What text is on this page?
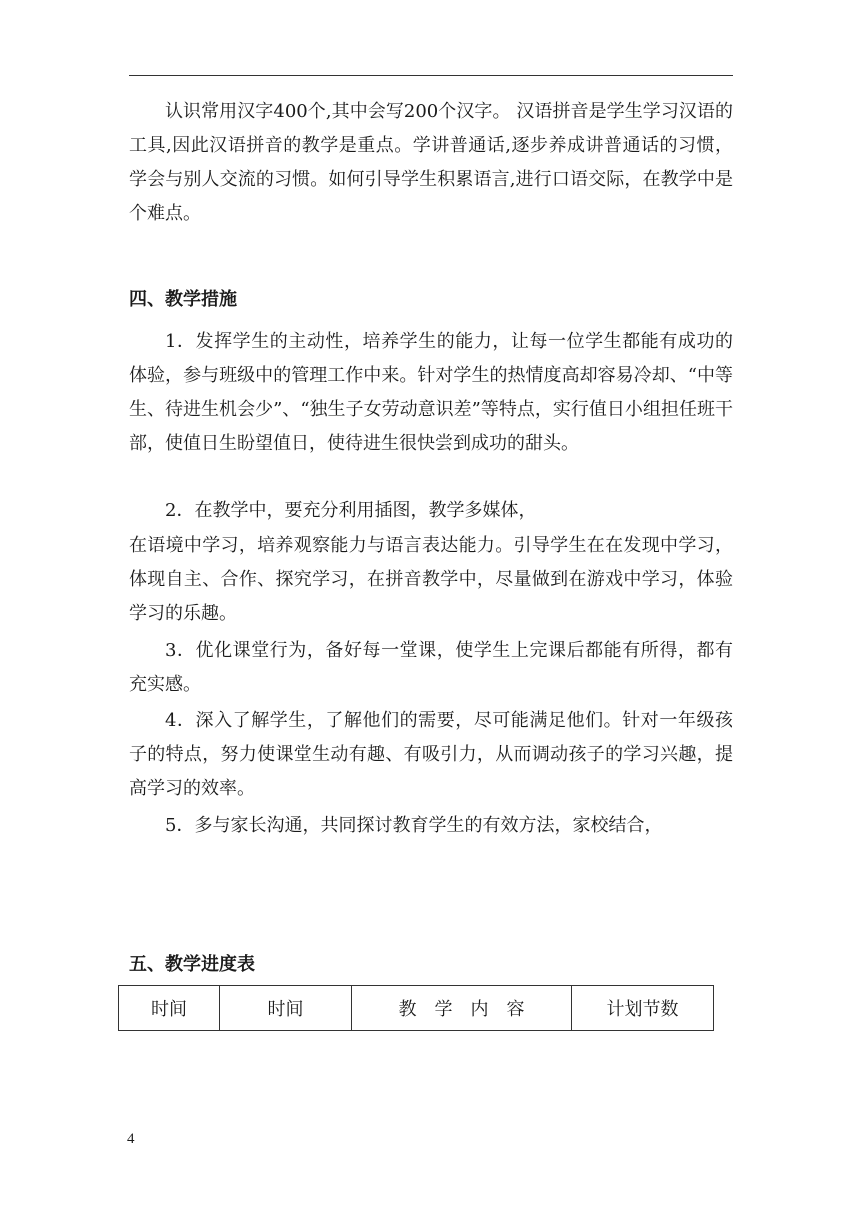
认识常用汉字400个,其中会写200个汉字。 汉语拼音是学生学习汉语的工具,因此汉语拼音的教学是重点。学讲普通话,逐步养成讲普通话的习惯，学会与别人交流的习惯。如何引导学生积累语言,进行口语交际，在教学中是个难点。

四、教学措施

1．发挥学生的主动性，培养学生的能力，让每一位学生都能有成功的体验，参与班级中的管理工作中来。针对学生的热情度高却容易冷却、“中等生、待进生机会少”、“独生子女劳动意识差”等特点，实行值日小组担任班干部，使值日生盼望值日，使待进生很快尝到成功的甜头。

2．在教学中，要充分利用插图，教学多媒体，

在语境中学习，培养观察能力与语言表达能力。引导学生在在发现中学习，体现自主、合作、探究学习，在拼音教学中，尽量做到在游戏中学习，体验学习的乐趣。

3．优化课堂行为，备好每一堂课，使学生上完课后都能有所得，都有充实感。

4．深入了解学生，了解他们的需要，尽可能满足他们。针对一年级孩子的特点，努力使课堂生动有趣、有吸引力，从而调动孩子的学习兴趣，提高学习的效率。

5．多与家长沟通，共同探讨教育学生的有效方法，家校结合，

五、教学进度表
时间	时间	教　学　内　容	计划节数
4
